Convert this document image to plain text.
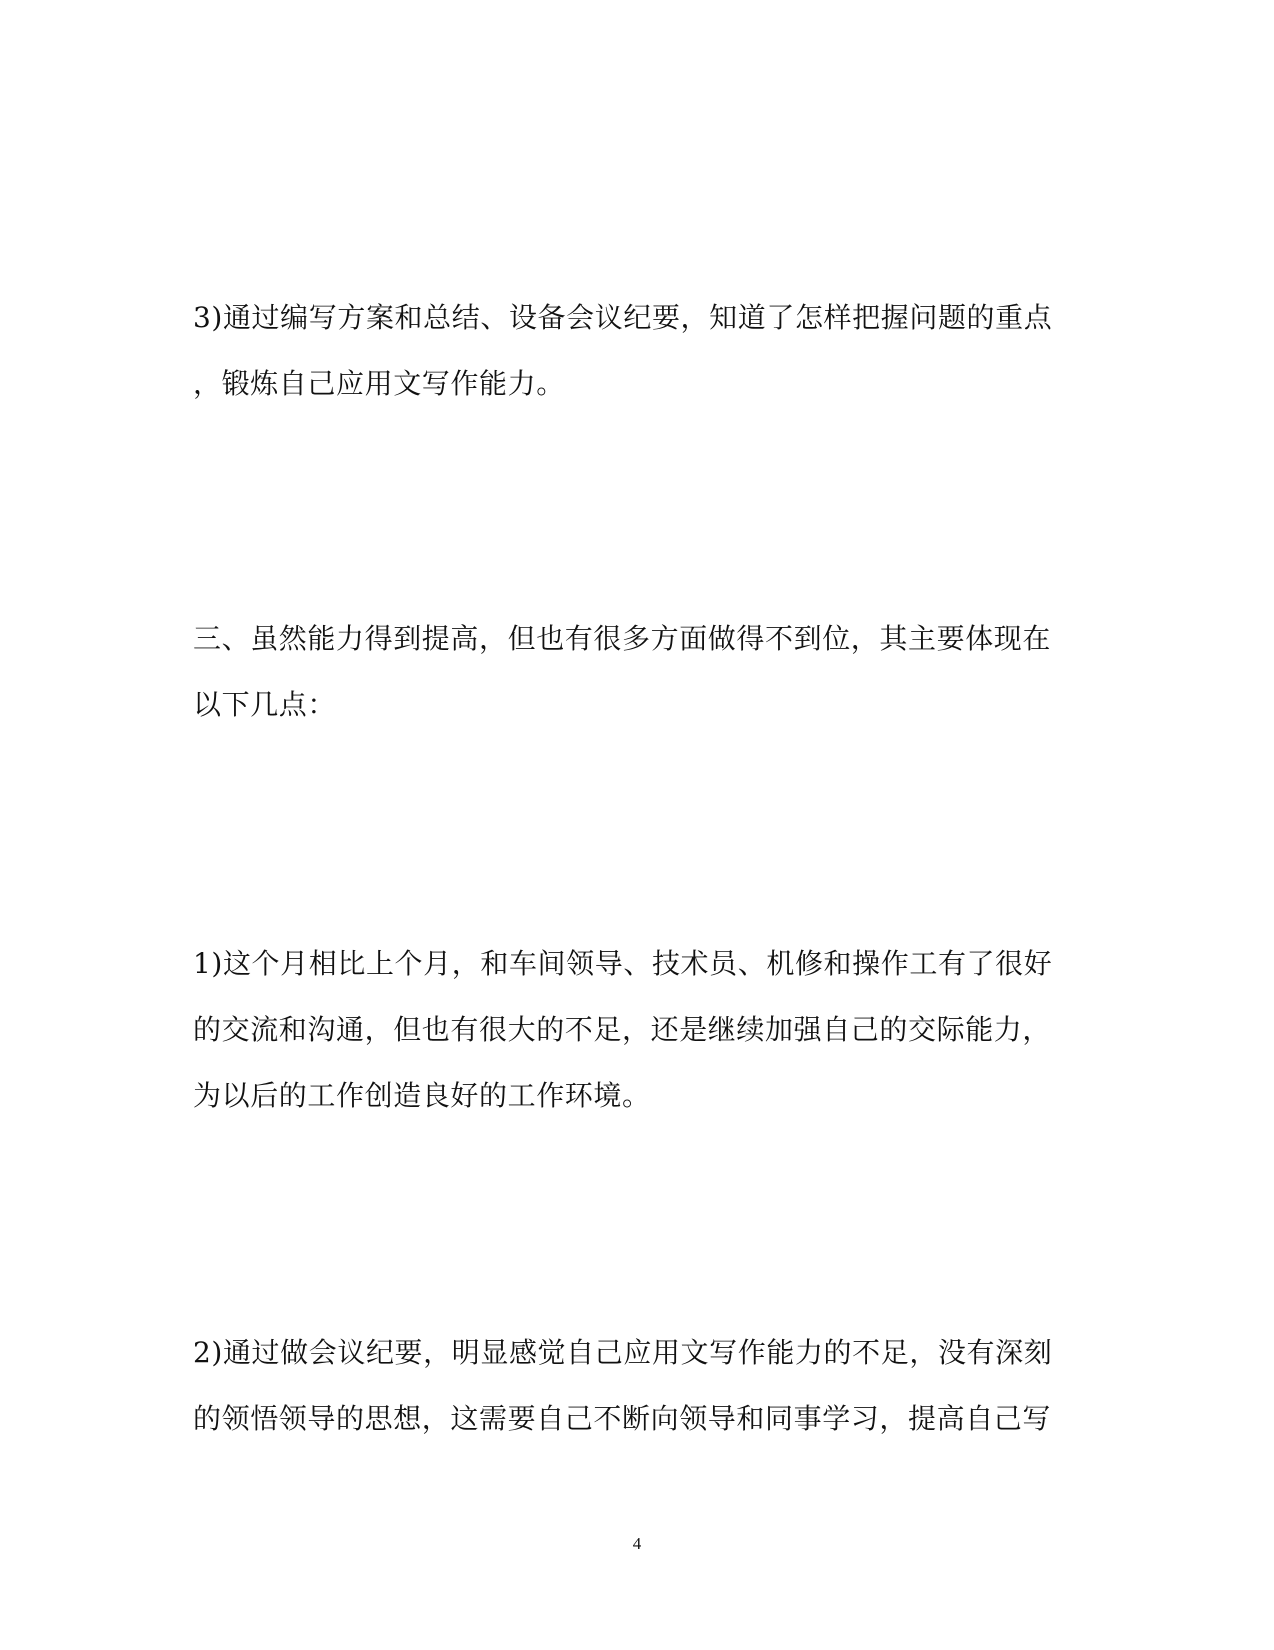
3)通过编写方案和总结、设备会议纪要，知道了怎样把握问题的重点
，锻炼自己应用文写作能力。
三、虽然能力得到提高，但也有很多方面做得不到位，其主要体现在
以下几点：
1)这个月相比上个月，和车间领导、技术员、机修和操作工有了很好
的交流和沟通，但也有很大的不足，还是继续加强自己的交际能力，
为以后的工作创造良好的工作环境。
2)通过做会议纪要，明显感觉自己应用文写作能力的不足，没有深刻
的领悟领导的思想，这需要自己不断向领导和同事学习，提高自己写
4
